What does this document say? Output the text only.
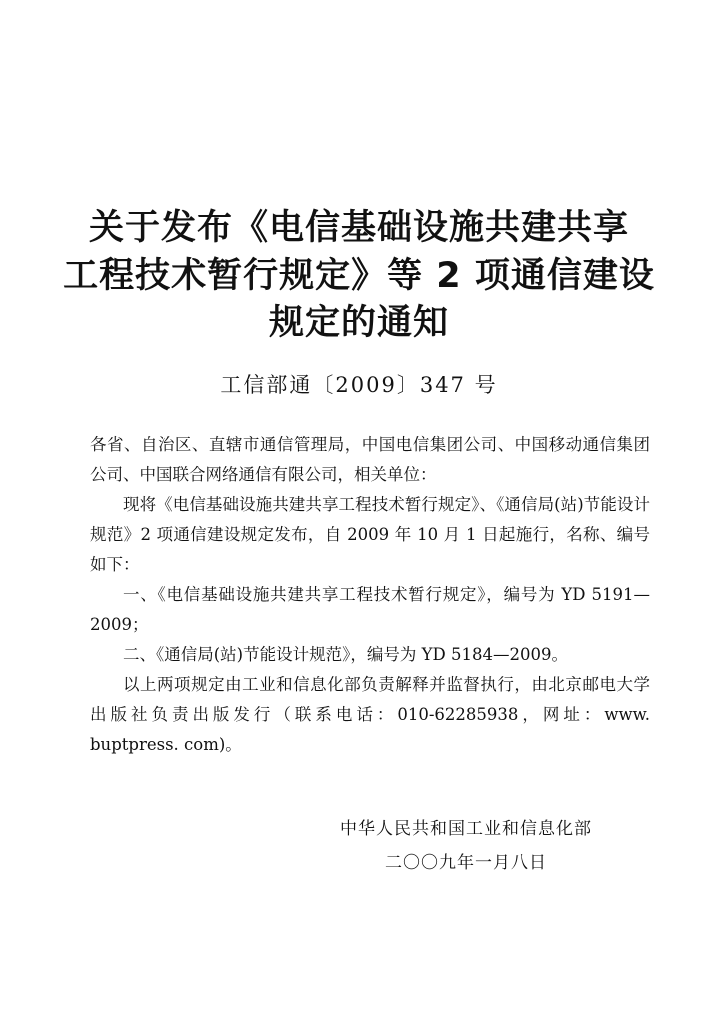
关于发布《电信基础设施共建共享
工程技术暂行规定》等 2 项通信建设
规定的通知
工信部通〔2009〕347 号

各省、自治区、直辖市通信管理局，中国电信集团公司、中国移动通信集团公司、中国联合网络通信有限公司，相关单位：

现将《电信基础设施共建共享工程技术暂行规定》、《通信局(站)节能设计规范》2 项通信建设规定发布，自 2009 年 10 月 1 日起施行，名称、编号如下：

一、《电信基础设施共建共享工程技术暂行规定》，编号为 YD 5191—2009；

二、《通信局(站)节能设计规范》，编号为 YD 5184—2009。

以上两项规定由工业和信息化部负责解释并监督执行，由北京邮电大学出版社负责出版发行（联系电话：010-62285938，网址：www. buptpress. com)。

中华人民共和国工业和信息化部
二〇〇九年一月八日
